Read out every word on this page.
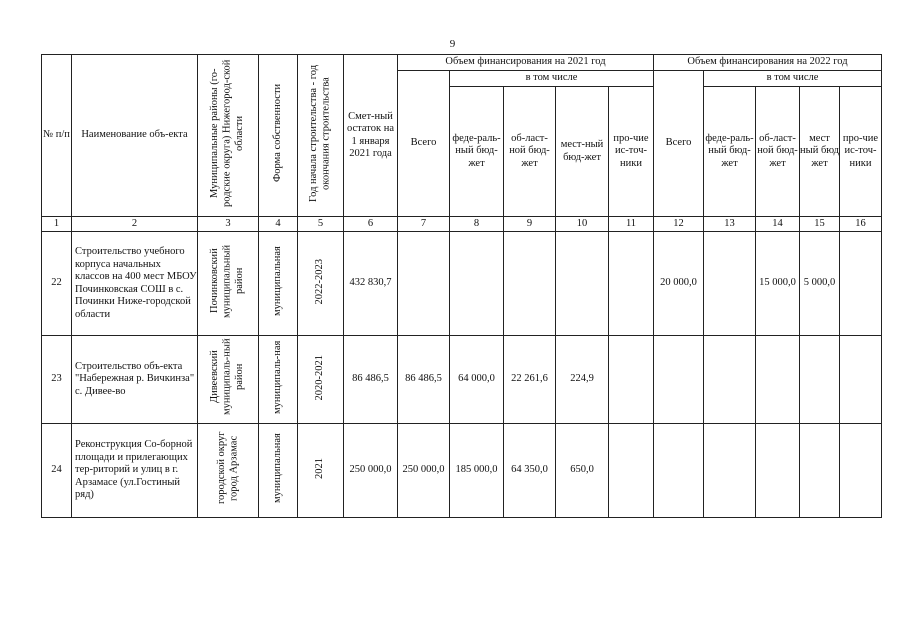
9
№ п/п	Наименование объ-екта	Муниципальные районы (го-родские округа) Нижегород-ской области	Форма собственности	Год начала строительства - год окончания строительства	Смет-ный остаток на 1 января 2021 года	Объем финансирования на 2021 год					Объем финансирования на 2022 год				
						Всего	в том числе				Всего	в том числе			
							феде-раль-ный бюд-жет	об-ласт-ной бюд-жет	мест-ный бюд-жет	про-чие ис-точ-ники		феде-раль-ный бюд-жет	об-ласт-ной бюд-жет	мест ный бюд жет	про-чие ис-точ-ники
1	2	3	4	5	6	7	8	9	10	11	12	13	14	15	16
22	Строительство учебного корпуса начальных классов на 400 мест МБОУ Починковская СОШ в с. Починки Ниже-городской области	Починковский муниципальный район	муниципальная	2022-2023	432 830,7						20 000,0		15 000,0	5 000,0	
23	Строительство объ-екта "Набережная р. Вичкинза" с. Дивее-во	Дивеевский муниципаль-ный район	муниципаль-ная	2020-2021	86 486,5	86 486,5	64 000,0	22 261,6	224,9						
24	Реконструкция Со-борной площади и прилегающих тер-риторий и улиц в г. Арзамасе (ул.Гостиный ряд)	городской округ город Арзамас	муниципальная	2021	250 000,0	250 000,0	185 000,0	64 350,0	650,0						
